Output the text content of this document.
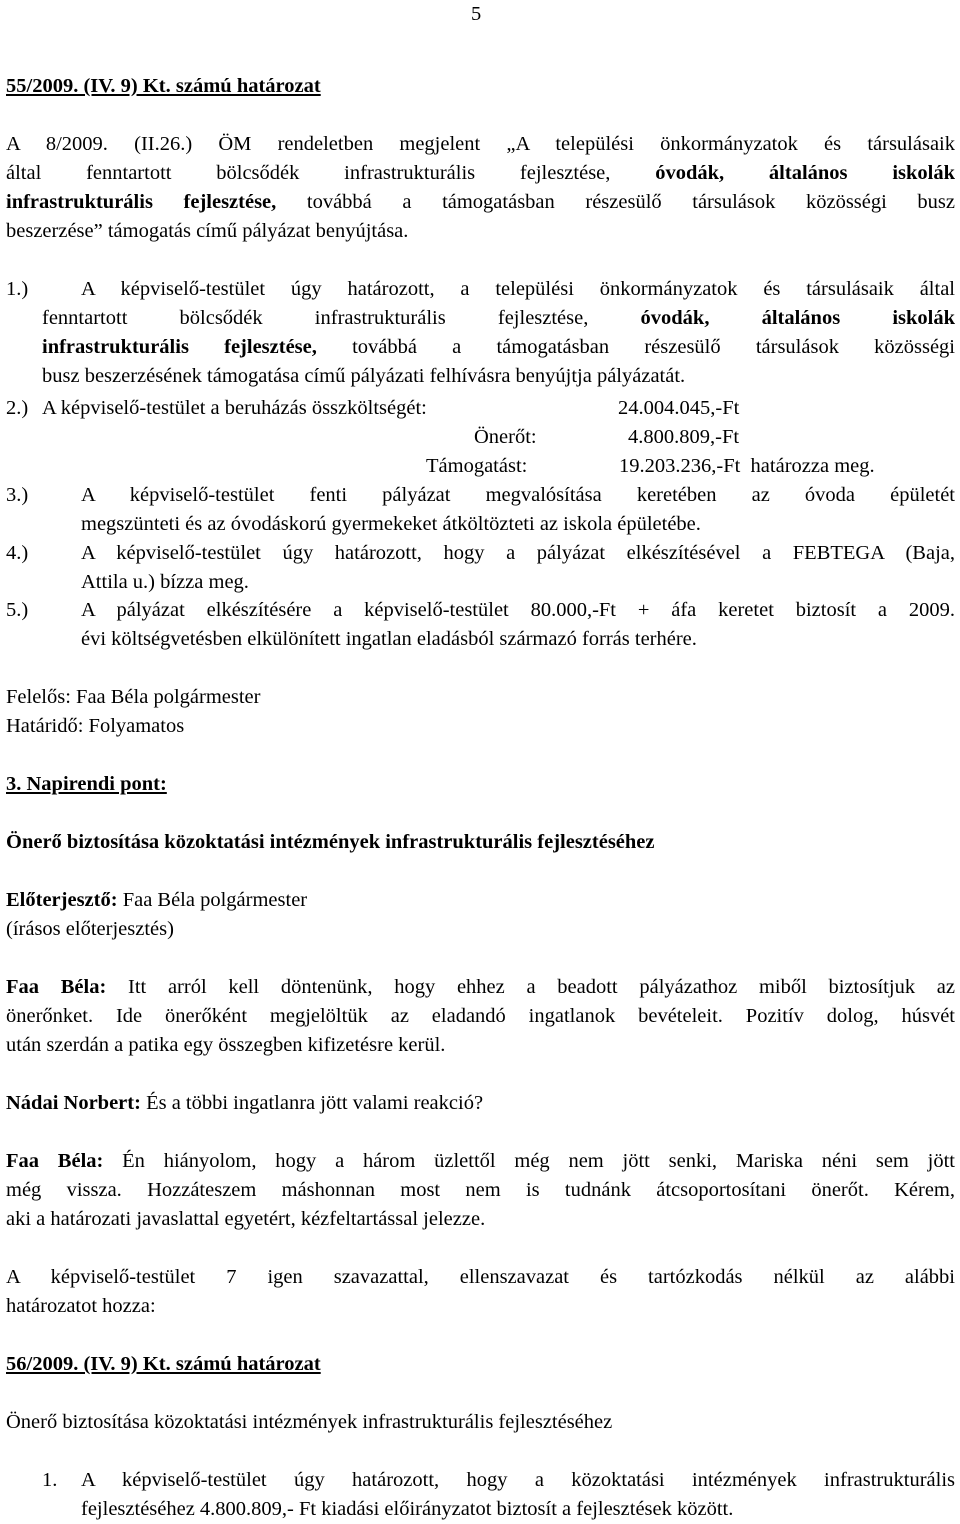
5
55/2009. (IV. 9) Kt. számú határozat
A 8/2009. (II.26.) ÖM rendeletben megjelent „A települési önkormányzatok és társulásaik
által fenntartott bölcsődék infrastrukturális fejlesztése, óvodák, általános iskolák
infrastrukturális fejlesztése, továbbá a támogatásban részesülő társulások közösségi busz
beszerzése” támogatás című pályázat benyújtása.
1.)	A képviselő-testület úgy határozott, a települési önkormányzatok és társulásaik által
fenntartott bölcsődék infrastrukturális fejlesztése, óvodák, általános iskolák
infrastrukturális fejlesztése, továbbá a támogatásban részesülő társulások közösségi
busz beszerzésének támogatása című pályázati felhívásra benyújtja pályázatát.
2.) A képviselő-testület a beruházás összköltségét:	24.004.045,-Ft
Önerőt:	4.800.809,-Ft
Támogatást:	19.203.236,-Ft  határozza meg.
3.)	A képviselő-testület fenti pályázat megvalósítása keretében az óvoda épületét
megszünteti és az óvodáskorú gyermekeket átköltözteti az iskola épületébe.
4.)	A képviselő-testület úgy határozott, hogy a pályázat elkészítésével a FEBTEGA (Baja,
Attila u.) bízza meg.
5.)	A pályázat elkészítésére a képviselő-testület 80.000,-Ft + áfa keretet biztosít a 2009.
évi költségvetésben elkülönített ingatlan eladásból származó forrás terhére.
Felelős: Faa Béla polgármester
Határidő: Folyamatos
3. Napirendi pont:
Önerő biztosítása közoktatási intézmények infrastrukturális fejlesztéséhez
Előterjesztő: Faa Béla polgármester
(írásos előterjesztés)
Faa Béla: Itt arról kell döntenünk, hogy ehhez a beadott pályázathoz miből biztosítjuk az
önerőnket. Ide önerőként megjelöltük az eladandó ingatlanok bevételeit. Pozitív dolog, húsvét
után szerdán a patika egy összegben kifizetésre kerül.
Nádai Norbert: És a többi ingatlanra jött valami reakció?
Faa Béla: Én hiányolom, hogy a három üzlettől még nem jött senki, Mariska néni sem jött
még vissza. Hozzáteszem máshonnan most nem is tudnánk átcsoportosítani önerőt. Kérem,
aki a határozati javaslattal egyetért, kézfeltartással jelezze.
A képviselő-testület 7 igen szavazattal, ellenszavazat és tartózkodás nélkül az alábbi
határozatot hozza:
56/2009. (IV. 9) Kt. számú határozat
Önerő biztosítása közoktatási intézmények infrastrukturális fejlesztéséhez
1. A képviselő-testület úgy határozott, hogy a közoktatási intézmények infrastrukturális
fejlesztéséhez 4.800.809,- Ft kiadási előirányzatot biztosít a fejlesztések között.
